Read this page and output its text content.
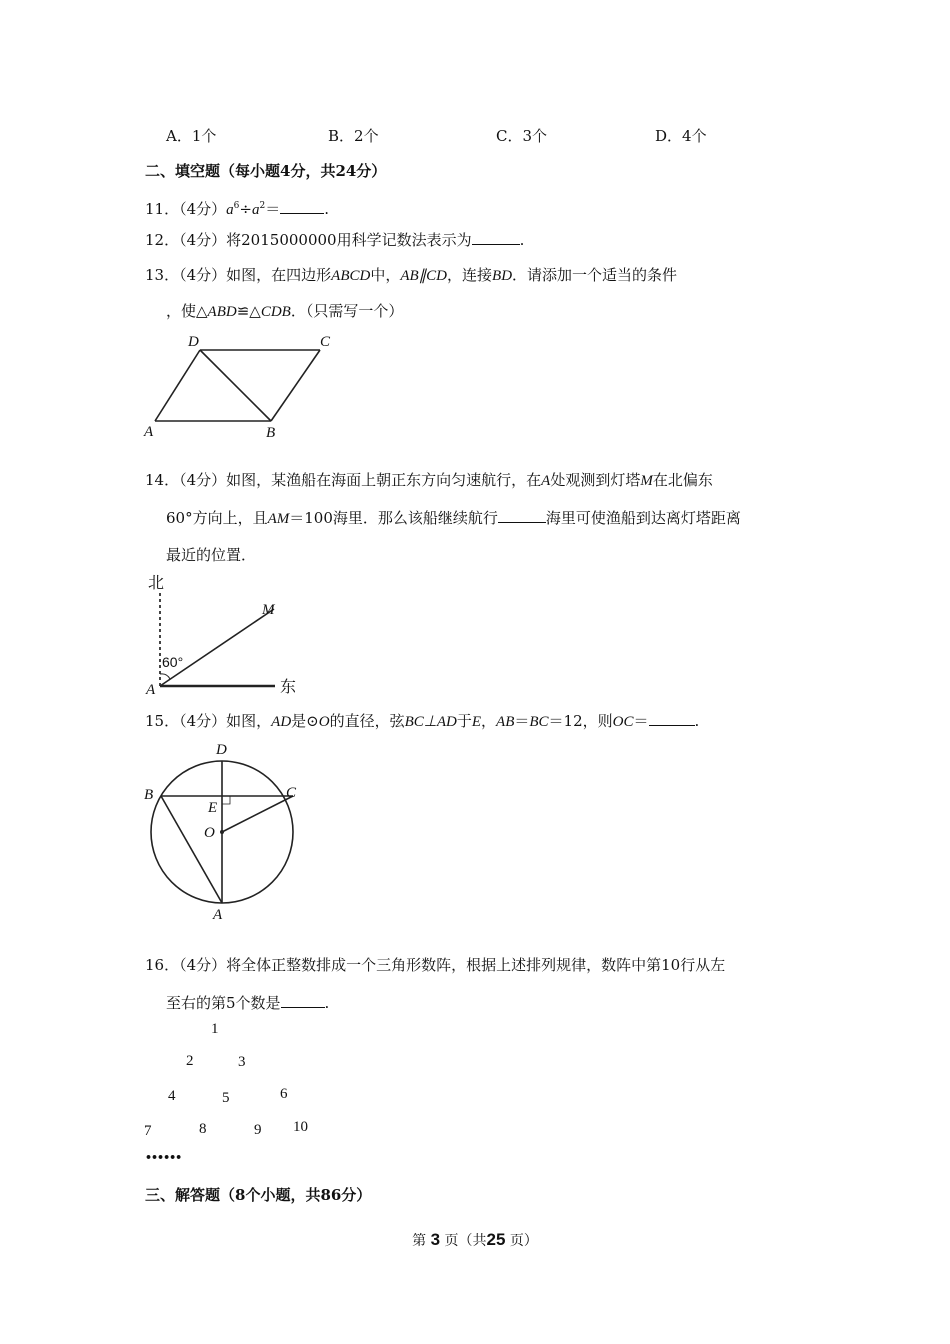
A．1个	B．2个	C．3个	D．4个
二、填空题（每小题4分，共24分）
11．（4分）$a^6\div a^2=$	.
12．（4分）将2015000000用科学记数法表示为	.
13．（4分）如图，在四边形ABCD中，AB∥CD，连接BD．请添加一个适当的条件
，使△ABD≌△CDB．（只需写一个）
A	B
C
D
14．（4分）如图，某渔船在海面上朝正东方向匀速航行，在A处观测到灯塔M在北偏东
60°方向上，且AM＝100海里．那么该船继续航行	海里可使渔船到达离灯塔距离
最近的位置．
北
东
60°
A
M
15．（4分）如图，AD是⊙O的直径，弦BC⊥AD于E，AB＝BC＝12，则OC＝	.
D
B	C
E
O
A
16．（4分）将全体正整数排成一个三角形数阵，根据上述排列规律，数阵中第10行从左
至右的第5个数是	.
1
2	3
4	5	6
7	8	9 10
••••••
三、解答题（8个小题，共86分）
第 3 页（共25 页）
